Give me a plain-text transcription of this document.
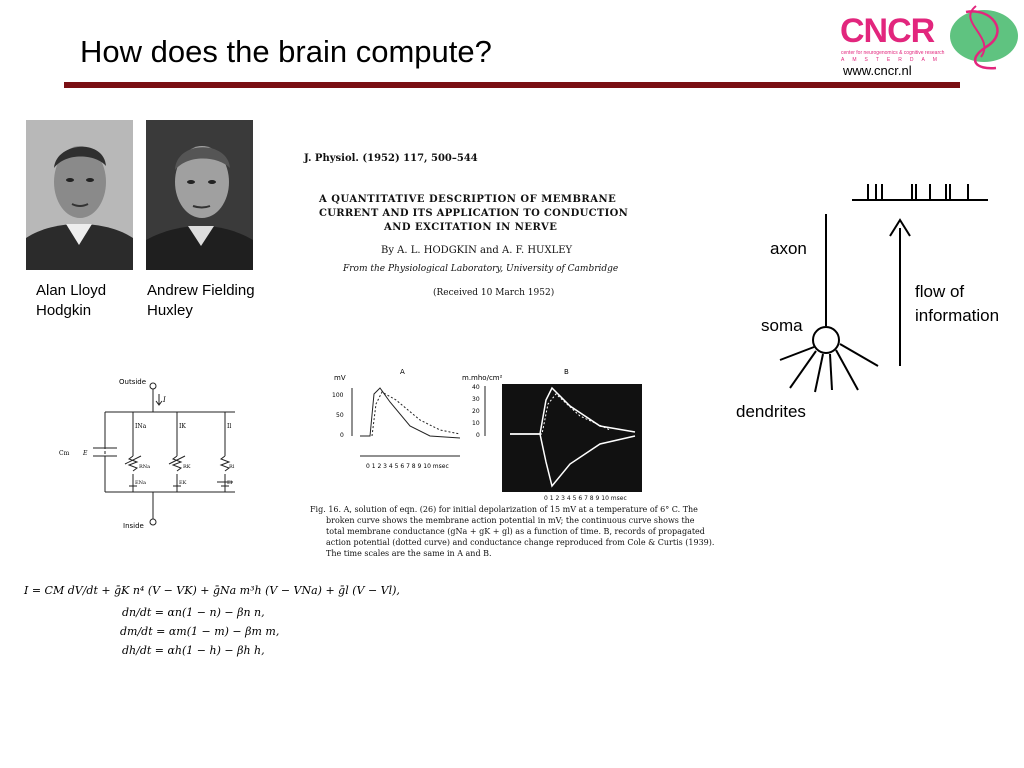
How does the brain compute?
CNCR
center for neurogenomics & cognitive research
AMSTERDAM
www.cncr.nl
Alan Lloyd
Hodgkin
Andrew Fielding
Huxley
J. Physiol. (1952) 117, 500–544
A QUANTITATIVE DESCRIPTION OF MEMBRANE
CURRENT AND ITS APPLICATION TO CONDUCTION
AND EXCITATION IN NERVE
By A. L. HODGKIN and A. F. HUXLEY
From the Physiological Laboratory, University of Cambridge
(Received 10 March 1952)
Outside
Inside
I
Cm E
INa	IK	Il
RNa	RK	Rl
ENa	EK	El
mV
A
m.mho/cm²
B
100
50
0
40
30
20
10
0
0 1 2 3 4 5 6 7 8 9 10 msec
0 1 2 3 4 5 6 7 8 9 10 msec
Fig. 16. A, solution of eqn. (26) for initial depolarization of 15 mV at a temperature of 6° C. The
broken curve shows the membrane action potential in mV; the continuous curve shows the
total membrane conductance (gNa + gK + gl) as a function of time. B, records of propagated
action potential (dotted curve) and conductance change reproduced from Cole & Curtis (1939).
The time scales are the same in A and B.
I = CM dV/dt + ḡK n⁴ (V − VK) + ḡNa m³h (V − VNa) + ḡl (V − Vl),
dn/dt = αn(1 − n) − βn n,
dm/dt = αm(1 − m) − βm m,
dh/dt = αh(1 − h) − βh h,
axon
soma
dendrites
flow of
information
